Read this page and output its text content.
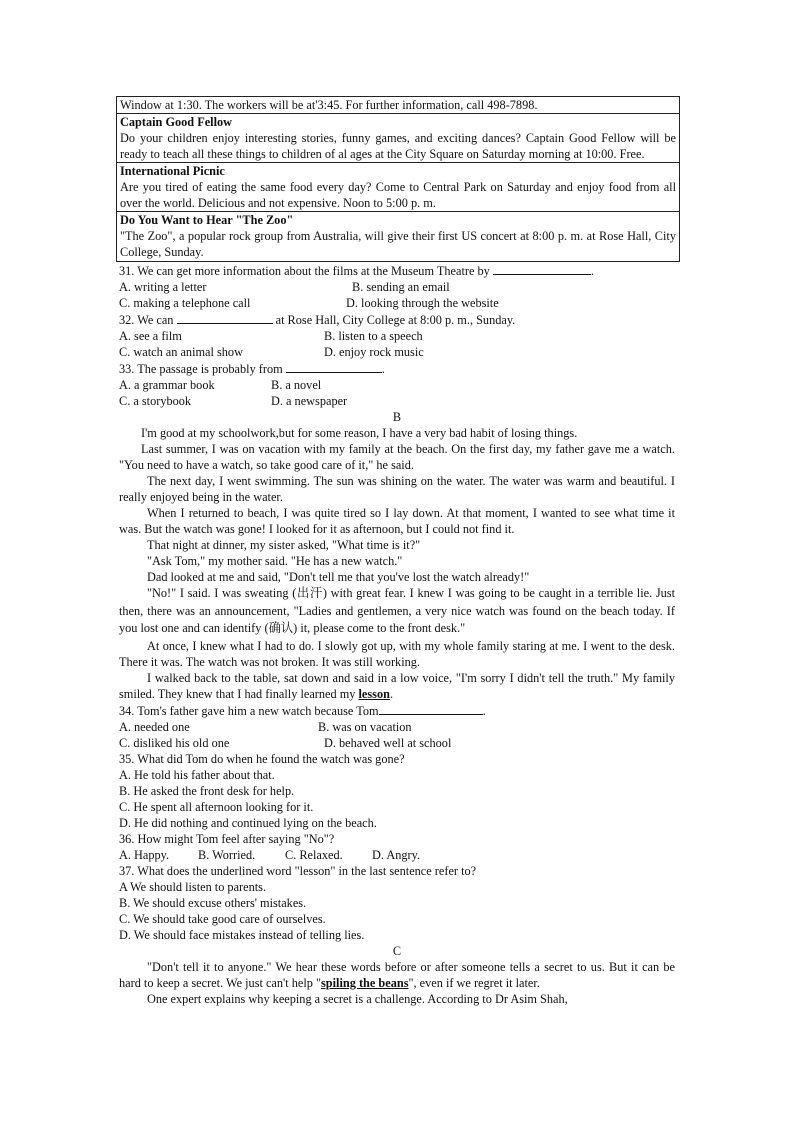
Window at 1:30. The workers will be at'3:45. For further information, call 498-7898.
Captain Good Fellow
Do your children enjoy interesting stories, funny games, and exciting dances? Captain Good Fellow will be ready to teach all these things to children of al ages at the City Square on Saturday morning at 10:00. Free.
International Picnic
Are you tired of eating the same food every day? Come to Central Park on Saturday and enjoy food from all over the world. Delicious and not expensive. Noon to 5:00 p. m.
Do You Want to Hear "The Zoo"
"The Zoo", a popular rock group from Australia, will give their first US concert at 8:00 p. m. at Rose Hall, City College, Sunday.
31. We can get more information about the films at the Museum Theatre by	.
A. writing a letter	B. sending an email
C. making a telephone call	D. looking through the website
32. We can	at Rose Hall, City College at 8:00 p. m., Sunday.
A. see a film	B. listen to a speech
C. watch an animal show	D. enjoy rock music
33. The passage is probably from	.
A. a grammar book	B. a novel
C. a storybook	D. a newspaper
B
I'm good at my schoolwork,but for some reason, I have a very bad habit of losing things.
Last summer, I was on vacation with my family at the beach. On the first day, my father gave me a watch. "You need to have a watch, so take good care of it," he said.
The next day, I went swimming. The sun was shining on the water. The water was warm and beautiful. I really enjoyed being in the water.
When I returned to beach, I was quite tired so I lay down. At that moment, I wanted to see what time it was. But the watch was gone! I looked for it as afternoon, but I could not find it.
That night at dinner, my sister asked, "What time is it?"
"Ask Tom," my mother said. "He has a new watch."
Dad looked at me and said, "Don't tell me that you've lost the watch already!"
"No!" I said. I was sweating (出汗) with great fear. I knew I was going to be caught in a terrible lie. Just then, there was an announcement, "Ladies and gentlemen, a very nice watch was found on the beach today. If you lost one and can identify (确认) it, please come to the front desk."
At once, I knew what I had to do. I slowly got up, with my whole family staring at me. I went to the desk. There it was. The watch was not broken. It was still working.
I walked back to the table, sat down and said in a low voice, "I'm sorry I didn't tell the truth." My family smiled. They knew that I had finally learned my lesson.
34. Tom's father gave him a new watch because Tom	.
A. needed one	B. was on vacation
C. disliked his old one	D. behaved well at school
35. What did Tom do when he found the watch was gone?
A. He told his father about that.
B. He asked the front desk for help.
C. He spent all afternoon looking for it.
D. He did nothing and continued lying on the beach.
36. How might Tom feel after saying "No"?
A. Happy.	B. Worried.	C. Relaxed.	D. Angry.
37. What does the underlined word "lesson" in the last sentence refer to?
A We should listen to parents.
B. We should excuse others' mistakes.
C. We should take good care of ourselves.
D. We should face mistakes instead of telling lies.
C
"Don't tell it to anyone." We hear these words before or after someone tells a secret to us. But it can be hard to keep a secret. We just can't help "spiling the beans", even if we regret it later.
One expert explains why keeping a secret is a challenge. According to Dr Asim Shah,
